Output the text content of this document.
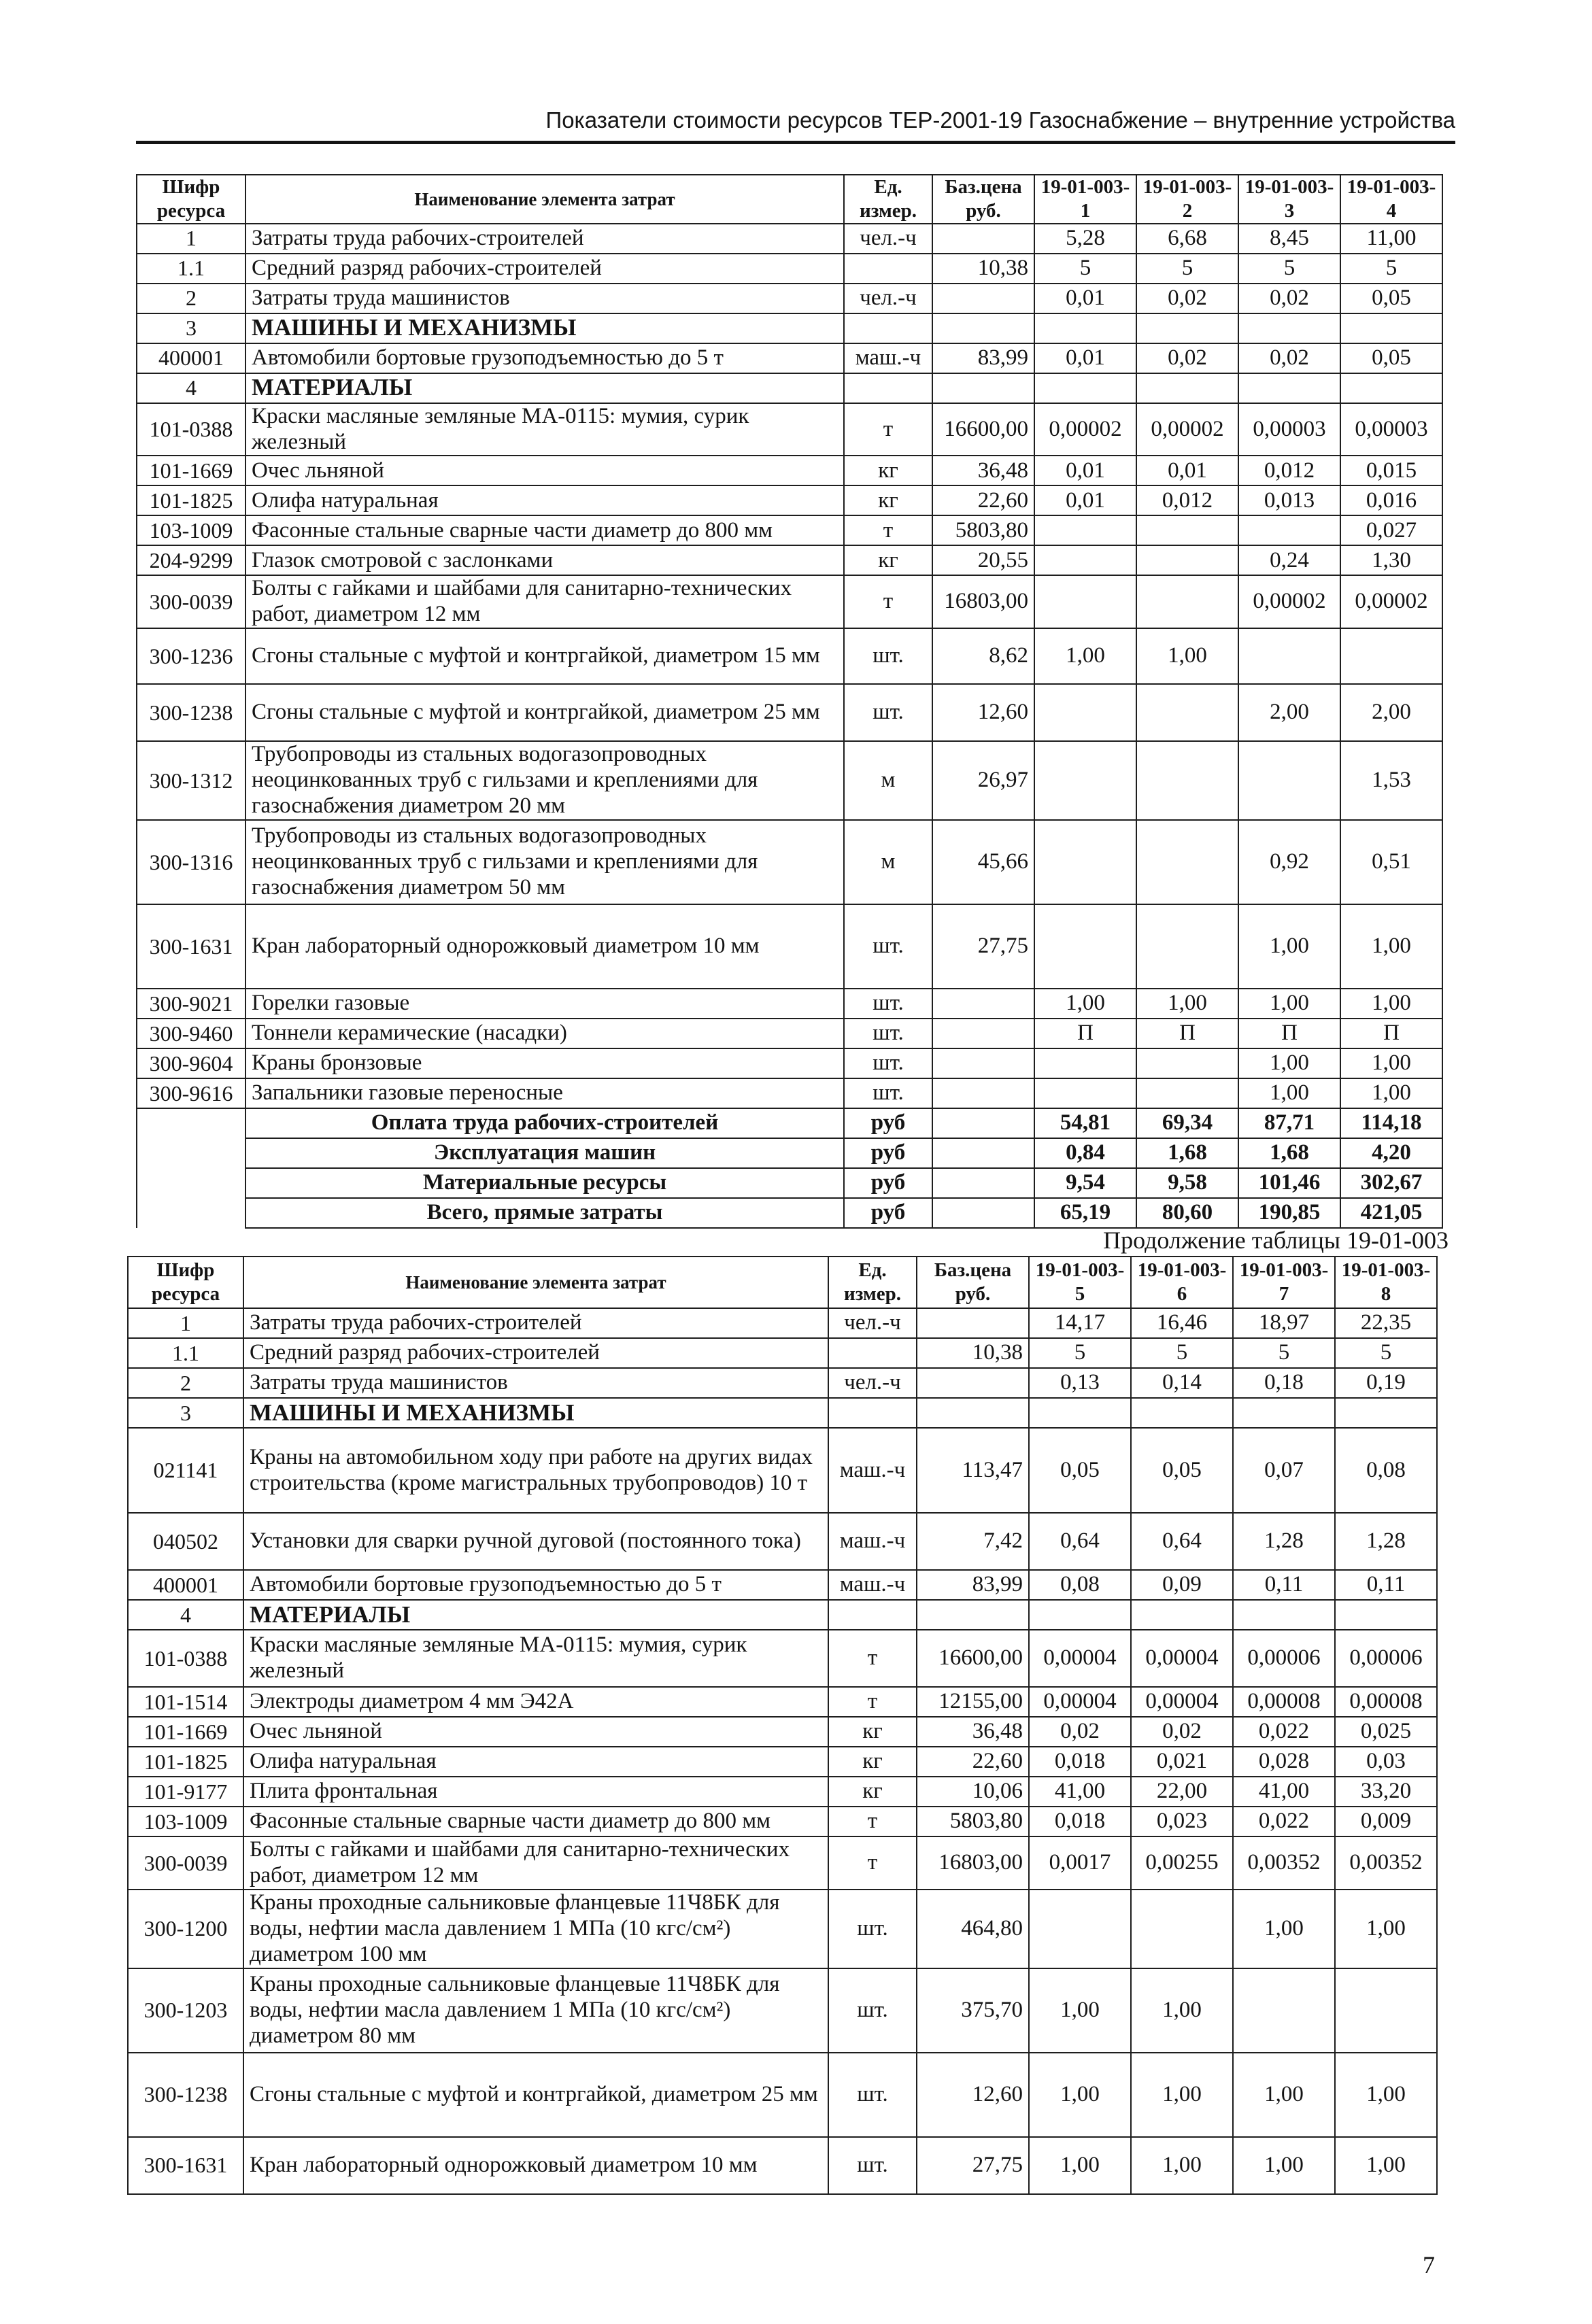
Показатели стоимости ресурсов ТЕР-2001-19 Газоснабжение – внутренние устройства
Шифр ресурса	Наименование элемента затрат	Ед. измер.	Баз.цена руб.	19-01-003-1	19-01-003-2	19-01-003-3	19-01-003-4
1	Затраты труда рабочих-строителей	чел.-ч		5,28	6,68	8,45	11,00
1.1	Средний разряд рабочих-строителей		10,38	5	5	5	5
2	Затраты труда машинистов	чел.-ч		0,01	0,02	0,02	0,05
3	МАШИНЫ И МЕХАНИЗМЫ						
400001	Автомобили бортовые грузоподъемностью до 5 т	маш.-ч	83,99	0,01	0,02	0,02	0,05
4	МАТЕРИАЛЫ						
101-0388	Краски масляные земляные МА-0115: мумия, сурик железный	т	16600,00	0,00002	0,00002	0,00003	0,00003
101-1669	Очес льняной	кг	36,48	0,01	0,01	0,012	0,015
101-1825	Олифа натуральная	кг	22,60	0,01	0,012	0,013	0,016
103-1009	Фасонные стальные сварные части диаметр до 800 мм	т	5803,80				0,027
204-9299	Глазок смотровой с заслонками	кг	20,55			0,24	1,30
300-0039	Болты с гайками и шайбами для санитарно-технических работ, диаметром 12 мм	т	16803,00			0,00002	0,00002
300-1236	Сгоны стальные с муфтой и контргайкой, диаметром 15 мм	шт.	8,62	1,00	1,00		
300-1238	Сгоны стальные с муфтой и контргайкой, диаметром 25 мм	шт.	12,60			2,00	2,00
300-1312	Трубопроводы из стальных водогазопроводных неоцинкованных труб с гильзами и креплениями для газоснабжения диаметром 20 мм	м	26,97				1,53
300-1316	Трубопроводы из стальных водогазопроводных неоцинкованных труб с гильзами и креплениями для газоснабжения диаметром 50 мм	м	45,66			0,92	0,51
300-1631	Кран лабораторный однорожковый диаметром 10 мм	шт.	27,75			1,00	1,00
300-9021	Горелки газовые	шт.		1,00	1,00	1,00	1,00
300-9460	Тоннели керамические (насадки)	шт.		П	П	П	П
300-9604	Краны бронзовые	шт.				1,00	1,00
300-9616	Запальники газовые переносные	шт.				1,00	1,00
	Оплата труда рабочих-строителей	руб		54,81	69,34	87,71	114,18
	Эксплуатация машин	руб		0,84	1,68	1,68	4,20
	Материальные ресурсы	руб		9,54	9,58	101,46	302,67
	Всего, прямые затраты	руб		65,19	80,60	190,85	421,05
Продолжение таблицы 19-01-003
Шифр ресурса	Наименование элемента затрат	Ед. измер.	Баз.цена руб.	19-01-003-5	19-01-003-6	19-01-003-7	19-01-003-8
1	Затраты труда рабочих-строителей	чел.-ч		14,17	16,46	18,97	22,35
1.1	Средний разряд рабочих-строителей		10,38	5	5	5	5
2	Затраты труда машинистов	чел.-ч		0,13	0,14	0,18	0,19
3	МАШИНЫ И МЕХАНИЗМЫ						
021141	Краны на автомобильном ходу при работе на других видах строительства (кроме магистральных трубопроводов) 10 т	маш.-ч	113,47	0,05	0,05	0,07	0,08
040502	Установки для сварки ручной дуговой (постоянного тока)	маш.-ч	7,42	0,64	0,64	1,28	1,28
400001	Автомобили бортовые грузоподъемностью до 5 т	маш.-ч	83,99	0,08	0,09	0,11	0,11
4	МАТЕРИАЛЫ						
101-0388	Краски масляные земляные МА-0115: мумия, сурик железный	т	16600,00	0,00004	0,00004	0,00006	0,00006
101-1514	Электроды диаметром 4 мм Э42А	т	12155,00	0,00004	0,00004	0,00008	0,00008
101-1669	Очес льняной	кг	36,48	0,02	0,02	0,022	0,025
101-1825	Олифа натуральная	кг	22,60	0,018	0,021	0,028	0,03
101-9177	Плита фронтальная	кг	10,06	41,00	22,00	41,00	33,20
103-1009	Фасонные стальные сварные части диаметр до 800 мм	т	5803,80	0,018	0,023	0,022	0,009
300-0039	Болты с гайками и шайбами для санитарно-технических работ, диаметром 12 мм	т	16803,00	0,0017	0,00255	0,00352	0,00352
300-1200	Краны проходные сальниковые фланцевые 11Ч8БК для воды, нефтии масла давлением 1 МПа (10 кгс/см²) диаметром 100 мм	шт.	464,80			1,00	1,00
300-1203	Краны проходные сальниковые фланцевые 11Ч8БК для воды, нефтии масла давлением 1 МПа (10 кгс/см²) диаметром 80 мм	шт.	375,70	1,00	1,00		
300-1238	Сгоны стальные с муфтой и контргайкой, диаметром 25 мм	шт.	12,60	1,00	1,00	1,00	1,00
300-1631	Кран лабораторный однорожковый диаметром 10 мм	шт.	27,75	1,00	1,00	1,00	1,00
7
